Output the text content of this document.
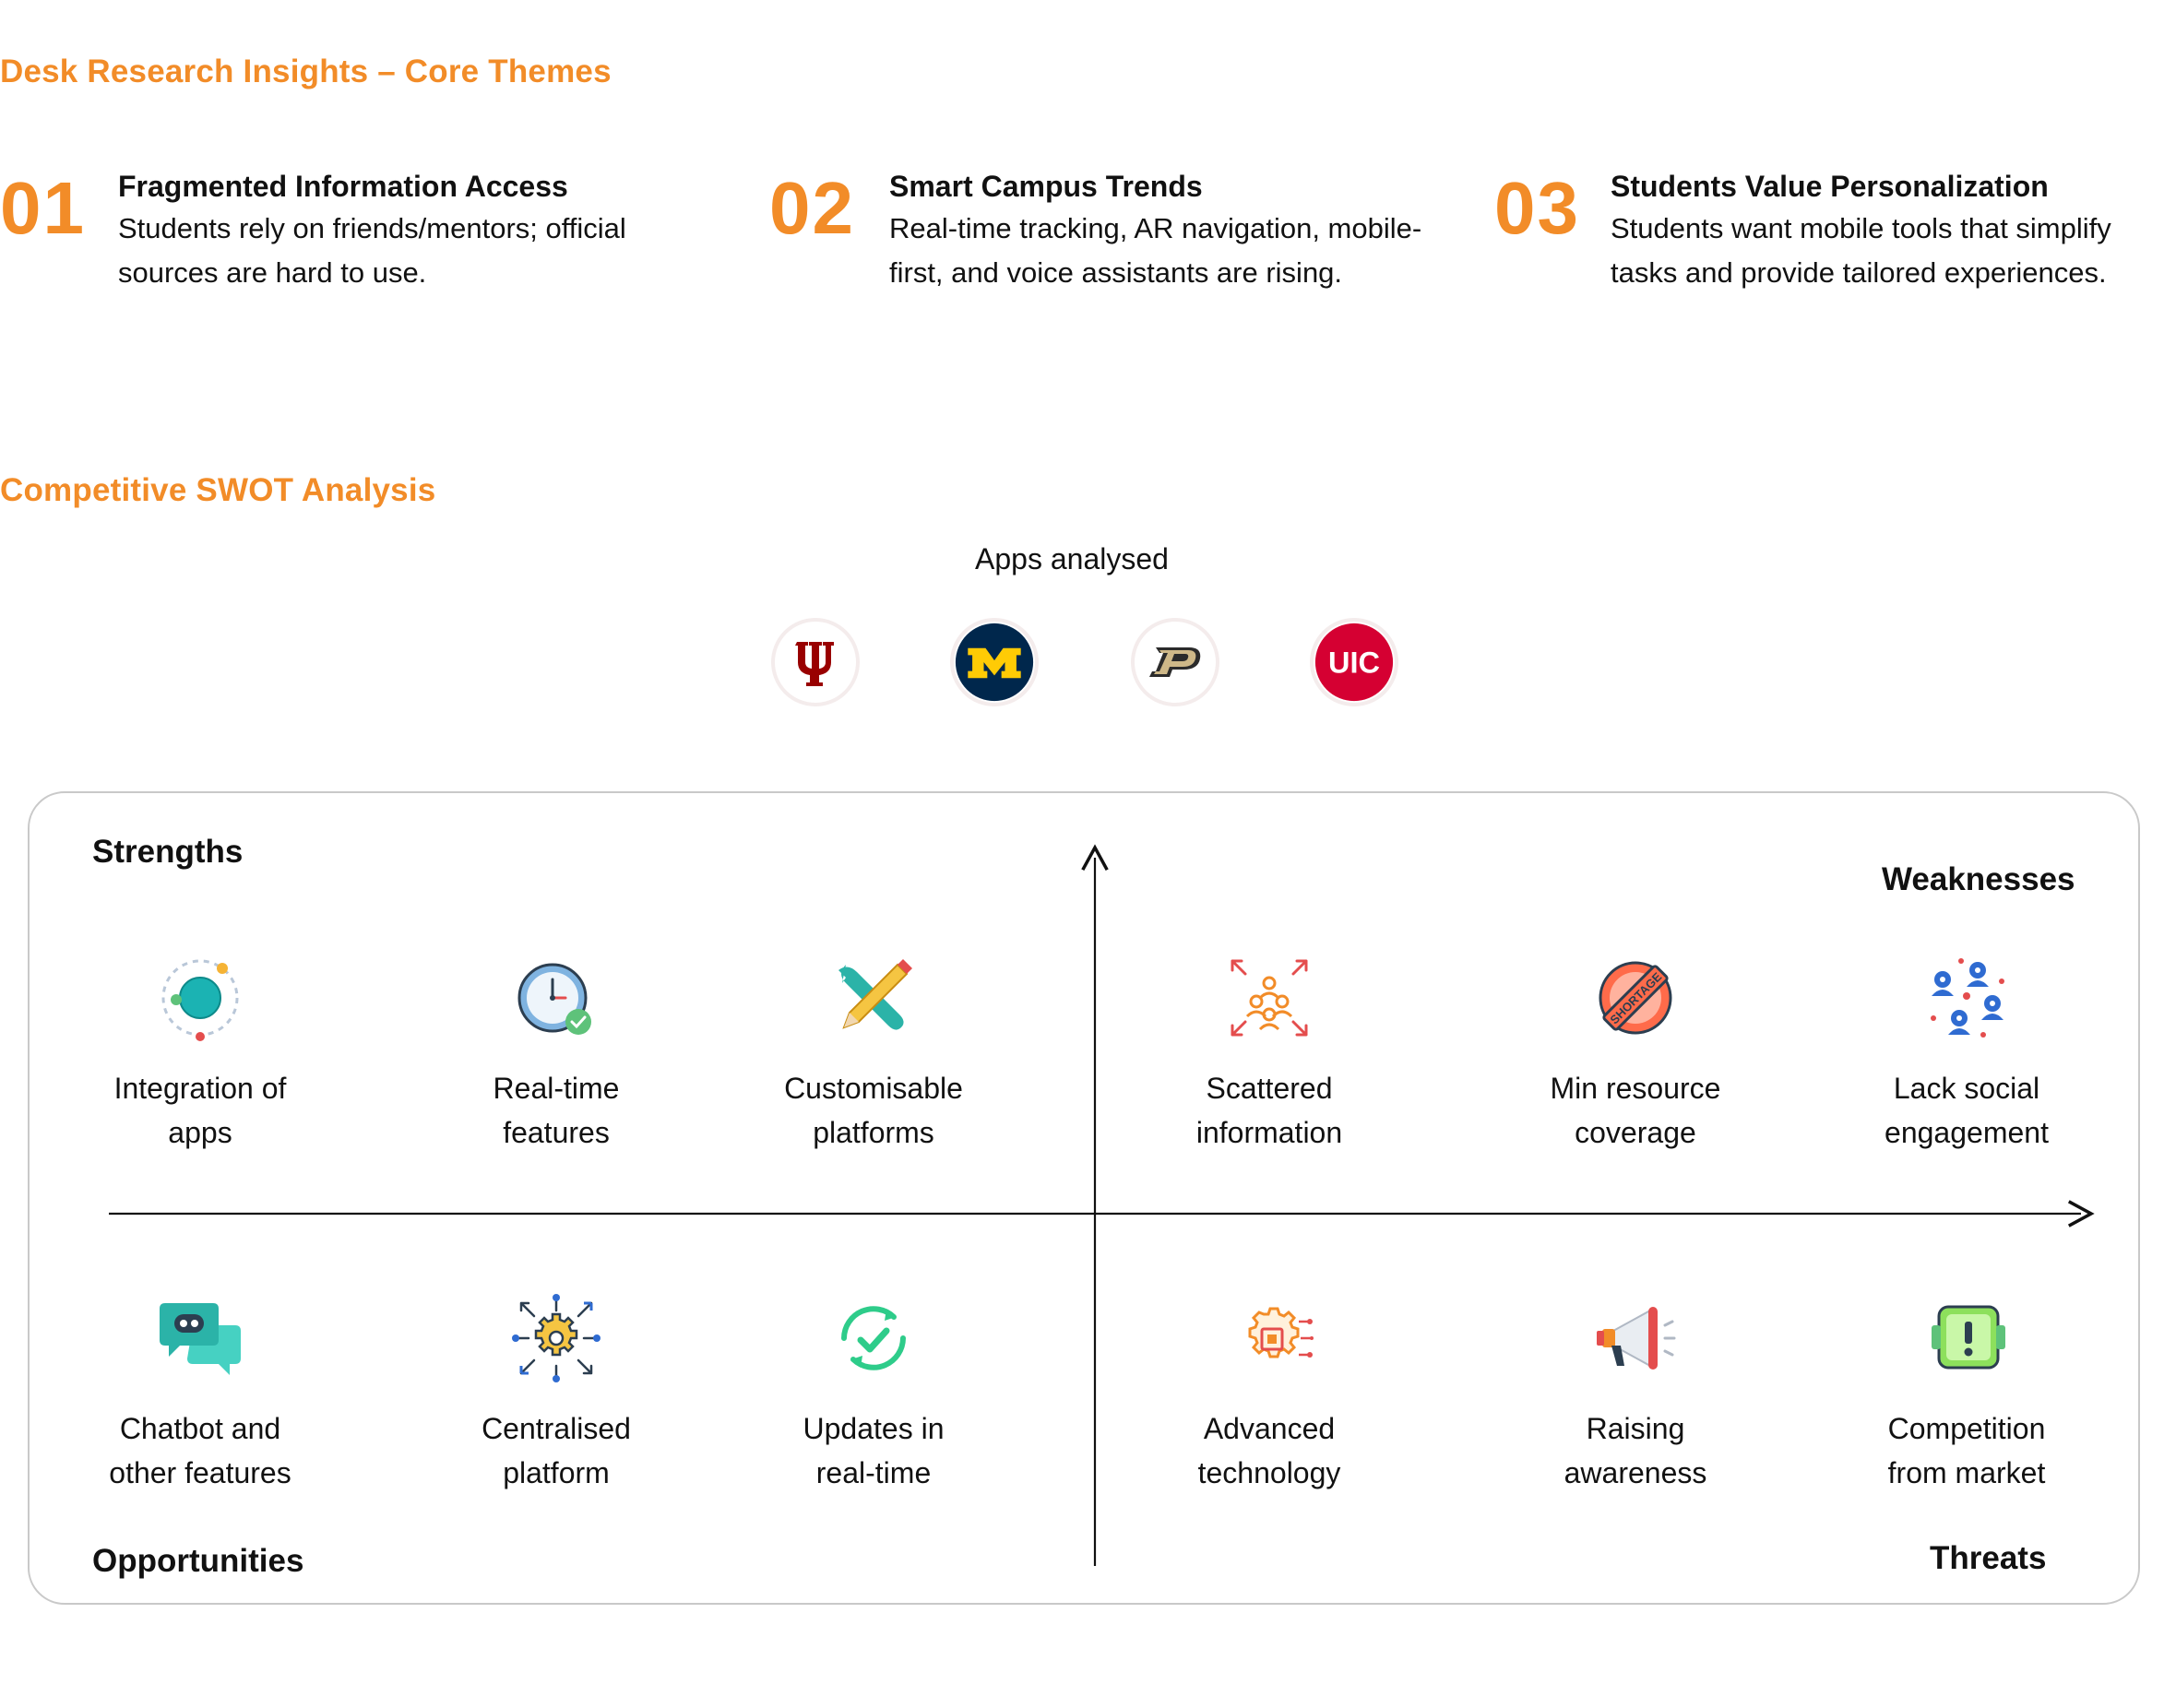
Desk Research Insights – Core Themes
01 Fragmented Information Access
Students rely on friends/mentors; official
sources are hard to use.
02 Smart Campus Trends
Real-time tracking, AR navigation, mobile-
first, and voice assistants are rising.
03 Students Value Personalization
Students want mobile tools that simplify
tasks and provide tailored experiences.
Competitive SWOT Analysis
Apps analysed
UIC
Strengths
Weaknesses
Opportunities	Threats
Integration of
apps
Real-time
features
Customisable
platforms
Scattered
information
SHORTAGE
Min resource
coverage
Lack social
engagement
Chatbot and
other features
Centralised
platform
Updates in
real-time
Advanced
technology
Raising
awareness
Competition
from market
